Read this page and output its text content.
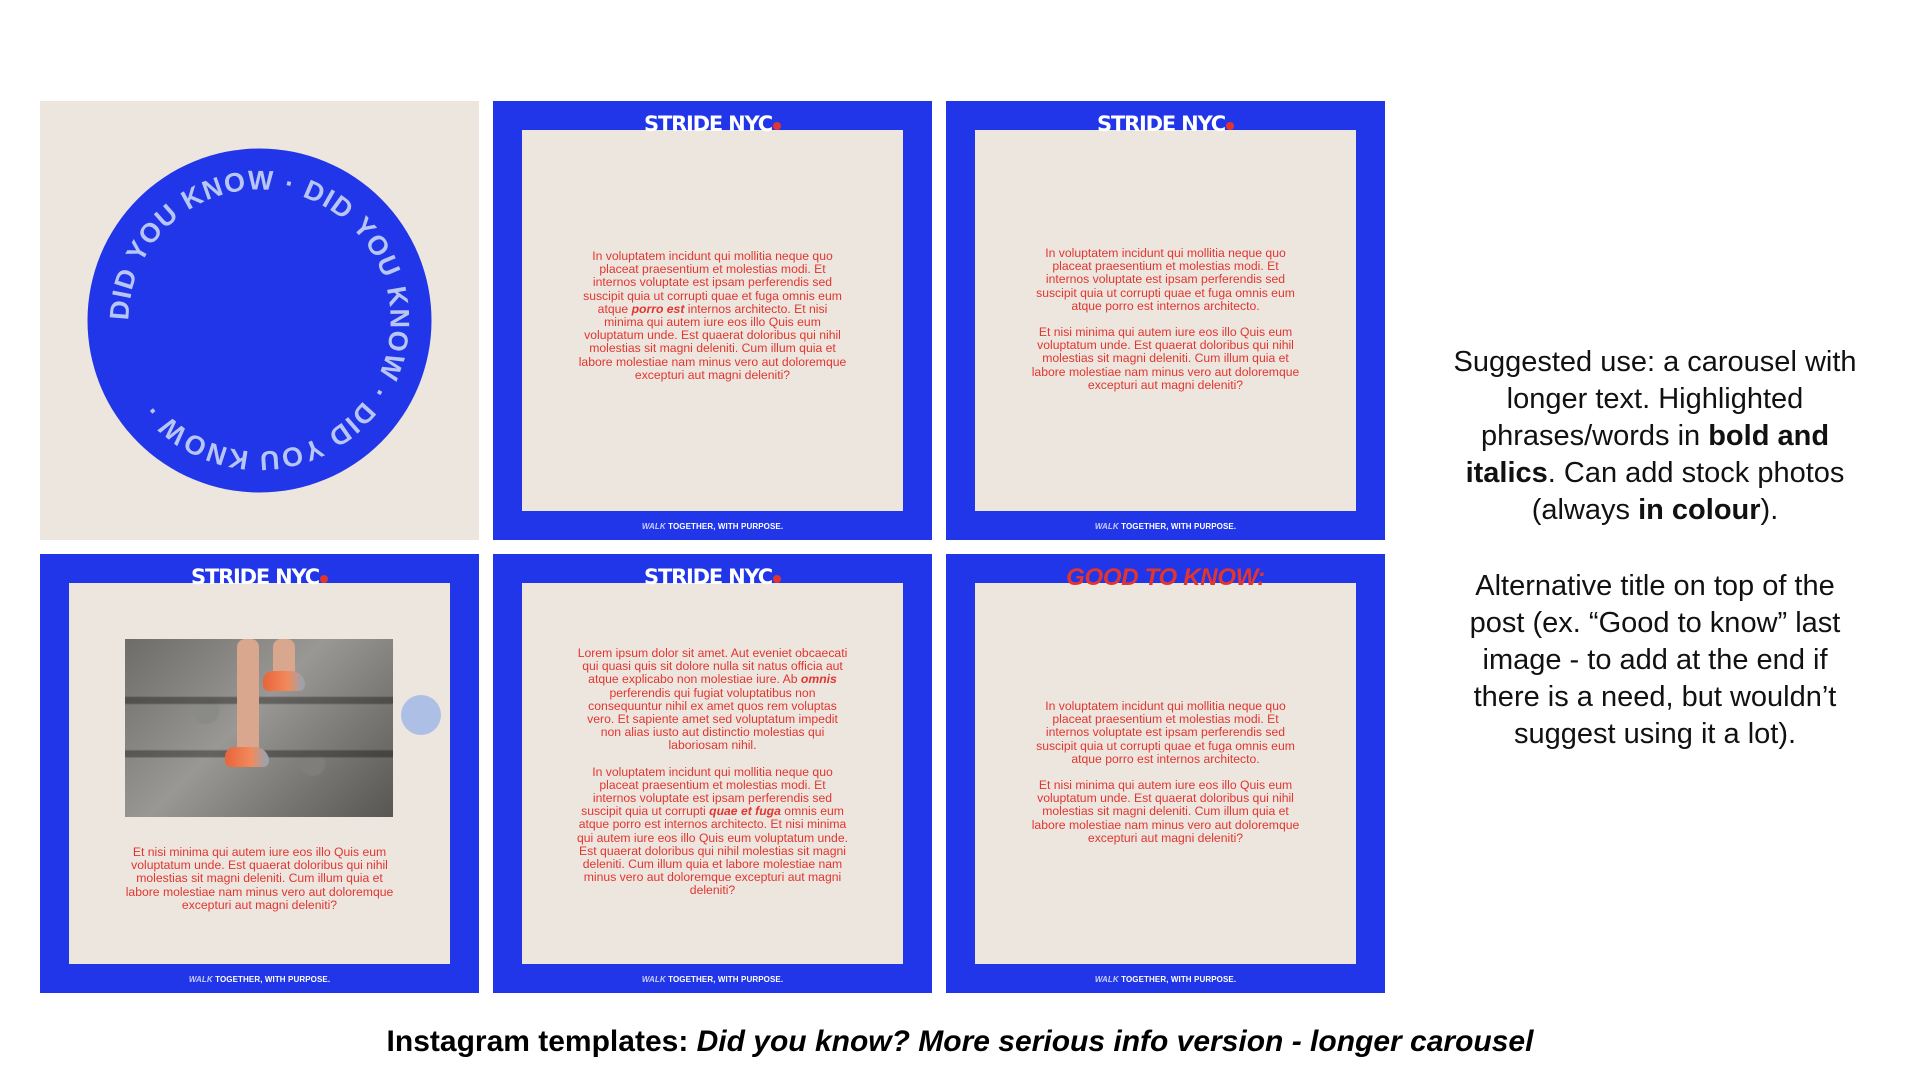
DID YOU KNOW · DID YOU KNOW · DID YOU KNOW ·
STRIDE NYC

In voluptatem incidunt qui mollitia neque quo placeat praesentium et molestias modi. Et internos voluptate est ipsam perferendis sed suscipit quia ut corrupti quae et fuga omnis eum atque porro est internos architecto. Et nisi minima qui autem iure eos illo Quis eum voluptatum unde. Est quaerat doloribus qui nihil molestias sit magni deleniti. Cum illum quia et labore molestiae nam minus vero aut doloremque excepturi aut magni deleniti?

WALK TOGETHER, WITH PURPOSE.
STRIDE NYC

In voluptatem incidunt qui mollitia neque quo placeat praesentium et molestias modi. Et internos voluptate est ipsam perferendis sed suscipit quia ut corrupti quae et fuga omnis eum atque porro est internos architecto.

Et nisi minima qui autem iure eos illo Quis eum voluptatum unde. Est quaerat doloribus qui nihil molestias sit magni deleniti. Cum illum quia et labore molestiae nam minus vero aut doloremque excepturi aut magni deleniti?

WALK TOGETHER, WITH PURPOSE.
STRIDE NYC

Et nisi minima qui autem iure eos illo Quis eum voluptatum unde. Est quaerat doloribus qui nihil molestias sit magni deleniti. Cum illum quia et labore molestiae nam minus vero aut doloremque excepturi aut magni deleniti?

WALK TOGETHER, WITH PURPOSE.
STRIDE NYC

Lorem ipsum dolor sit amet. Aut eveniet obcaecati qui quasi quis sit dolore nulla sit natus officia aut atque explicabo non molestiae iure. Ab omnis perferendis qui fugiat voluptatibus non consequuntur nihil ex amet quos rem voluptas vero. Et sapiente amet sed voluptatum impedit non alias iusto aut distinctio molestias qui laboriosam nihil.

In voluptatem incidunt qui mollitia neque quo placeat praesentium et molestias modi. Et internos voluptate est ipsam perferendis sed suscipit quia ut corrupti quae et fuga omnis eum atque porro est internos architecto. Et nisi minima qui autem iure eos illo Quis eum voluptatum unde. Est quaerat doloribus qui nihil molestias sit magni deleniti. Cum illum quia et labore molestiae nam minus vero aut doloremque excepturi aut magni deleniti?

WALK TOGETHER, WITH PURPOSE.
GOOD TO KNOW:

In voluptatem incidunt qui mollitia neque quo placeat praesentium et molestias modi. Et internos voluptate est ipsam perferendis sed suscipit quia ut corrupti quae et fuga omnis eum atque porro est internos architecto.

Et nisi minima qui autem iure eos illo Quis eum voluptatum unde. Est quaerat doloribus qui nihil molestias sit magni deleniti. Cum illum quia et labore molestiae nam minus vero aut doloremque excepturi aut magni deleniti?

WALK TOGETHER, WITH PURPOSE.
Suggested use: a carousel with longer text. Highlighted phrases/words in bold and italics. Can add stock photos (always in colour).
Alternative title on top of the post (ex. “Good to know” last image - to add at the end if there is a need, but wouldn’t suggest using it a lot).
Instagram templates: Did you know? More serious info version - longer carousel
